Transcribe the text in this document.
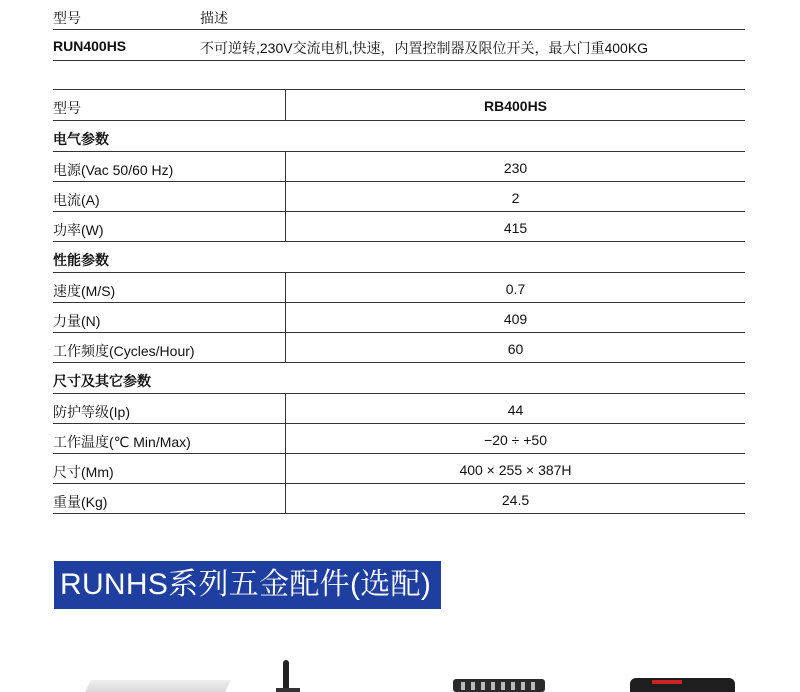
型号	描述
RUN400HS	不可逆转,230V交流电机,快速，内置控制器及限位开关，最大门重400KG
型号	RB400HS
电气参数
电源(Vac 50/60 Hz)	230
电流(A)	2
功率(W)	415
性能参数
速度(M/S)	0.7
力量(N)	409
工作频度(Cycles/Hour)	60
尺寸及其它参数
防护等级(Ip)	44
工作温度(℃ Min/Max)	−20 ÷ +50
尺寸(Mm)	400 × 255 × 387H
重量(Kg)	24.5
RUNHS系列五金配件(选配)
